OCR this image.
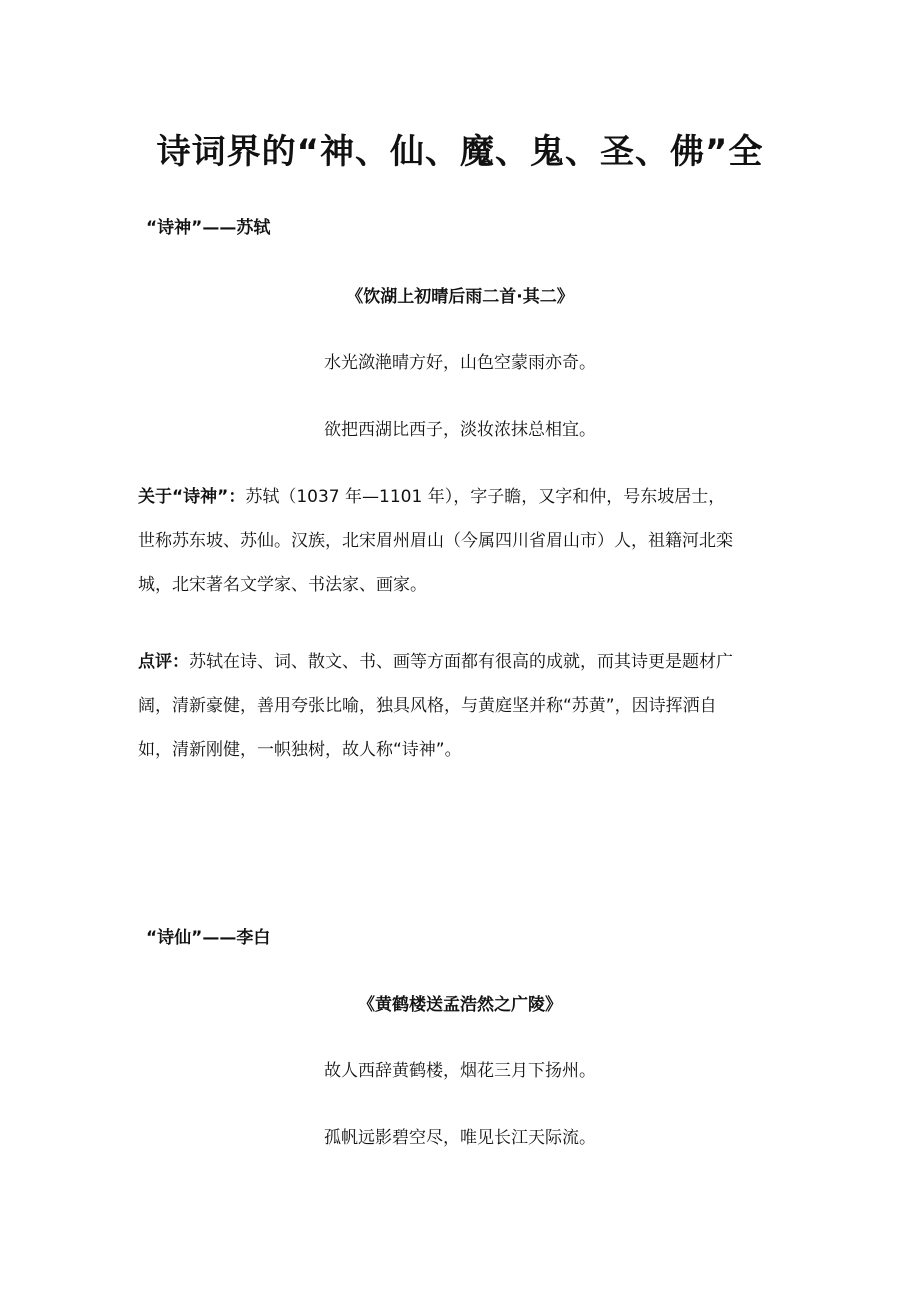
诗词界的“神、仙、魔、鬼、圣、佛”全
“诗神”——苏轼
《饮湖上初晴后雨二首·其二》
水光潋滟晴方好，山色空蒙雨亦奇。
欲把西湖比西子，淡妆浓抹总相宜。
关于“诗神”：苏轼（1037 年—1101 年），字子瞻，又字和仲，号东坡居士，
世称苏东坡、苏仙。汉族，北宋眉州眉山（今属四川省眉山市）人，祖籍河北栾
城，北宋著名文学家、书法家、画家。
点评：苏轼在诗、词、散文、书、画等方面都有很高的成就，而其诗更是题材广
阔，清新豪健，善用夸张比喻，独具风格，与黄庭坚并称“苏黄”，因诗挥洒自
如，清新刚健，一帜独树，故人称“诗神”。
“诗仙”——李白
《黄鹤楼送孟浩然之广陵》
故人西辞黄鹤楼，烟花三月下扬州。
孤帆远影碧空尽，唯见长江天际流。
